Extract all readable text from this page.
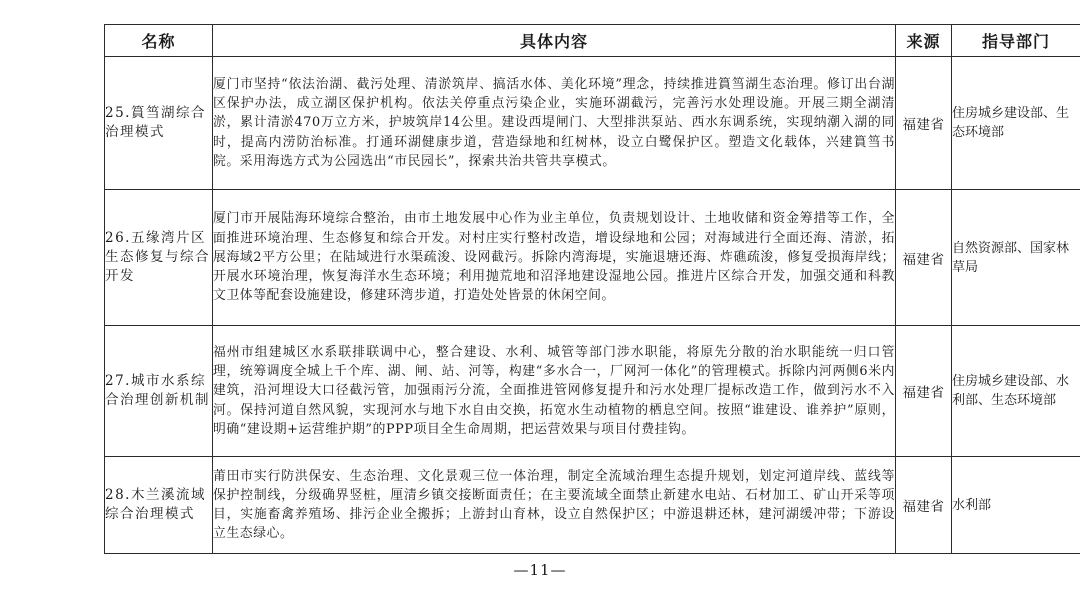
名称	具体内容	来源	指导部门
25.篔筜湖综合治理模式	厦门市坚持“依法治湖、截污处理、清淤筑岸、搞活水体、美化环境”理念，持续推进篔筜湖生态治理。修订出台湖区保护办法，成立湖区保护机构。依法关停重点污染企业，实施环湖截污，完善污水处理设施。开展三期全湖清淤，累计清淤470万立方米，护坡筑岸14公里。建设西堤闸门、大型排洪泵站、西水东调系统，实现纳潮入湖的同时，提高内涝防治标准。打通环湖健康步道，营造绿地和红树林，设立白鹭保护区。塑造文化载体，兴建篔筜书院。采用海选方式为公园选出“市民园长”，探索共治共管共享模式。	福建省	住房城乡建设部、生态环境部
26.五缘湾片区生态修复与综合开发	厦门市开展陆海环境综合整治，由市土地发展中心作为业主单位，负责规划设计、土地收储和资金筹措等工作，全面推进环境治理、生态修复和综合开发。对村庄实行整村改造，增设绿地和公园；对海域进行全面还海、清淤，拓展海域2平方公里；在陆域进行水渠疏浚、设网截污。拆除内湾海堤，实施退塘还海、炸礁疏浚，修复受损海岸线；开展水环境治理，恢复海洋水生态环境；利用抛荒地和沼泽地建设湿地公园。推进片区综合开发，加强交通和科教文卫体等配套设施建设，修建环湾步道，打造处处皆景的休闲空间。	福建省	自然资源部、国家林草局
27.城市水系综合治理创新机制	福州市组建城区水系联排联调中心，整合建设、水利、城管等部门涉水职能，将原先分散的治水职能统一归口管理，统筹调度全城上千个库、湖、闸、站、河等，构建“多水合一，厂网河一体化”的管理模式。拆除内河两侧6米内建筑，沿河埋设大口径截污管，加强雨污分流，全面推进管网修复提升和污水处理厂提标改造工作，做到污水不入河。保持河道自然风貌，实现河水与地下水自由交换，拓宽水生动植物的栖息空间。按照“谁建设、谁养护”原则，明确“建设期+运营维护期”的PPP项目全生命周期，把运营效果与项目付费挂钩。	福建省	住房城乡建设部、水利部、生态环境部
28.木兰溪流域综合治理模式	莆田市实行防洪保安、生态治理、文化景观三位一体治理，制定全流域治理生态提升规划，划定河道岸线、蓝线等保护控制线，分级确界竖桩，厘清乡镇交接断面责任；在主要流域全面禁止新建水电站、石材加工、矿山开采等项目，实施畜禽养殖场、排污企业全搬拆；上游封山育林，设立自然保护区；中游退耕还林，建河湖缓冲带；下游设立生态绿心。	福建省	水利部
—11—
